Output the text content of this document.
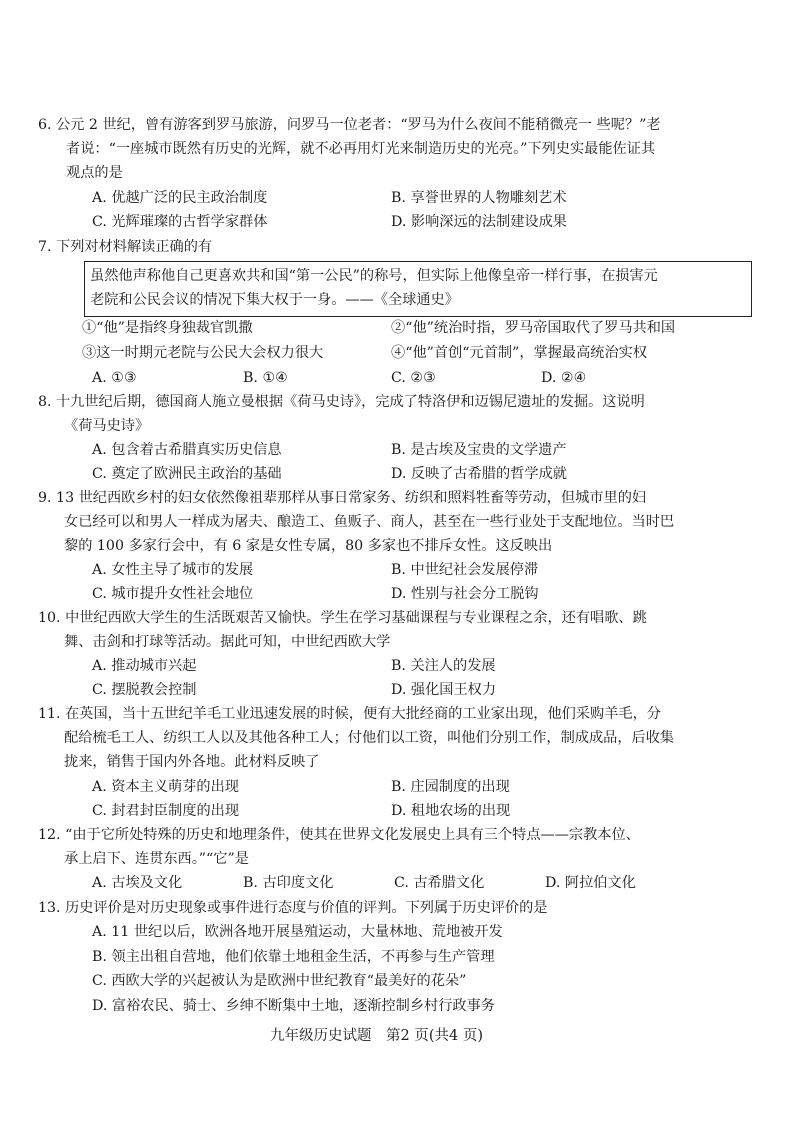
6. 公元 2 世纪，曾有游客到罗马旅游，问罗马一位老者：“罗马为什么夜间不能稍微亮一 些呢？”老
者说：“一座城市既然有历史的光辉，就不必再用灯光来制造历史的光亮。”下列史实最能佐证其
观点的是
A. 优越广泛的民主政治制度	B. 享誉世界的人物雕刻艺术
C. 光辉璀璨的古哲学家群体	D. 影响深远的法制建设成果
7. 下列对材料解读正确的有
虽然他声称他自己更喜欢共和国“第一公民”的称号，但实际上他像皇帝一样行事，在损害元
老院和公民会议的情况下集大权于一身。——《全球通史》
①“他”是指终身独裁官凯撒	②“他”统治时指，罗马帝国取代了罗马共和国
③这一时期元老院与公民大会权力很大	④“他”首创“元首制”，掌握最高统治实权
A. ①③	B. ①④	C. ②③	D. ②④
8. 十九世纪后期，德国商人施立曼根据《荷马史诗》，完成了特洛伊和迈锡尼遗址的发掘。这说明
《荷马史诗》
A. 包含着古希腊真实历史信息	B. 是古埃及宝贵的文学遗产
C. 奠定了欧洲民主政治的基础	D. 反映了古希腊的哲学成就
9. 13 世纪西欧乡村的妇女依然像祖辈那样从事日常家务、纺织和照料牲畜等劳动，但城市里的妇
女已经可以和男人一样成为屠夫、酿造工、鱼贩子、商人，甚至在一些行业处于支配地位。当时巴
黎的 100 多家行会中，有 6 家是女性专属，80 多家也不排斥女性。这反映出
A. 女性主导了城市的发展	B. 中世纪社会发展停滞
C. 城市提升女性社会地位	D. 性别与社会分工脱钩
10. 中世纪西欧大学生的生活既艰苦又愉快。学生在学习基础课程与专业课程之余，还有唱歌、跳
舞、击剑和打球等活动。据此可知，中世纪西欧大学
A. 推动城市兴起	B. 关注人的发展
C. 摆脱教会控制	D. 强化国王权力
11. 在英国，当十五世纪羊毛工业迅速发展的时候，便有大批经商的工业家出现，他们采购羊毛，分
配给梳毛工人、纺织工人以及其他各种工人；付他们以工资，叫他们分别工作，制成成品，后收集
拢来，销售于国内外各地。此材料反映了
A. 资本主义萌芽的出现	B. 庄园制度的出现
C. 封君封臣制度的出现	D. 租地农场的出现
12. “由于它所处特殊的历史和地理条件，使其在世界文化发展史上具有三个特点——宗教本位、
承上启下、连贯东西。”“它”是
A. 古埃及文化	B. 古印度文化	C. 古希腊文化	D. 阿拉伯文化
13. 历史评价是对历史现象或事件进行态度与价值的评判。下列属于历史评价的是
A. 11 世纪以后，欧洲各地开展垦殖运动，大量林地、荒地被开发
B. 领主出租自营地，他们依靠土地租金生活，不再参与生产管理
C. 西欧大学的兴起被认为是欧洲中世纪教育“最美好的花朵”
D. 富裕农民、骑士、乡绅不断集中土地，逐渐控制乡村行政事务
九年级历史试题　第2 页(共4 页)
